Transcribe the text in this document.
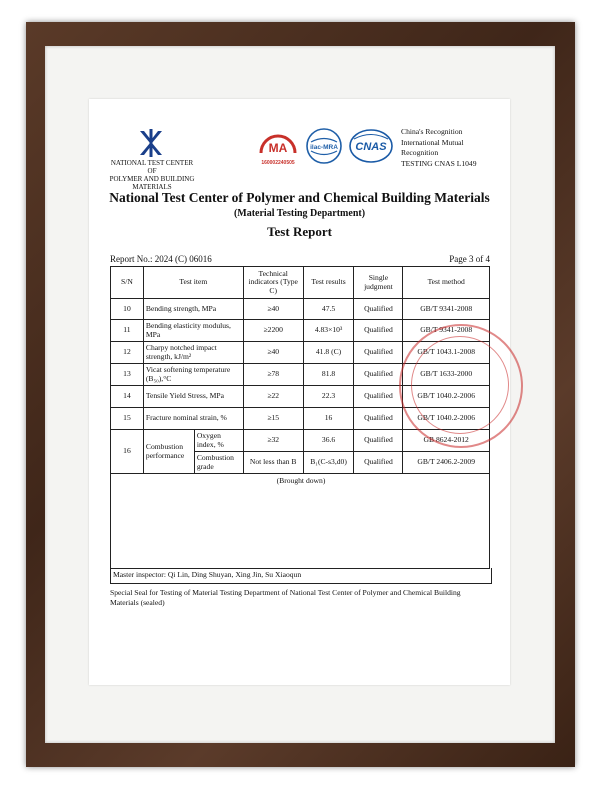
NATIONAL TEST CENTER OF
POLYMER AND BUILDING
MATERIALS
MA
160002240505
ilac-MRA CNAS
China's Recognition
International Mutual
Recognition
TESTING CNAS L1049
National Test Center of Polymer and Chemical Building Materials
(Material Testing Department)
Test Report
Report No.: 2024 (C) 06016	Page 3 of 4
S/N	Test item		Technical indicators (Type C)	Test results	Single judgment	Test method
10	Bending strength, MPa		≥40	47.5	Qualified	GB/T 9341-2008
11	Bending elasticity modulus, MPa		≥2200	4.83×10³	Qualified	GB/T 9341-2008
12	Charpy notched impact strength, kJ/m²		≥40	41.8 (C)	Qualified	GB/T 1043.1-2008
13	Vicat softening temperature (B₅₀),°C		≥78	81.8	Qualified	GB/T 1633-2000
14	Tensile Yield Stress, MPa		≥22	22.3	Qualified	GB/T 1040.2-2006
15	Fracture nominal strain, %		≥15	16	Qualified	GB/T 1040.2-2006
16	Combustion performance	Oxygen index, %	≥32	36.6	Qualified	GB 8624-2012
		Combustion grade	Not less than B	B₁(C-s3,d0)	Qualified	GB/T 2406.2-2009
(Brought down)
Master inspector: Qi Lin, Ding Shuyan, Xing Jin, Su Xiaoqun
Special Seal for Testing of Material Testing Department of National Test Center of Polymer and Chemical Building Materials (sealed)
